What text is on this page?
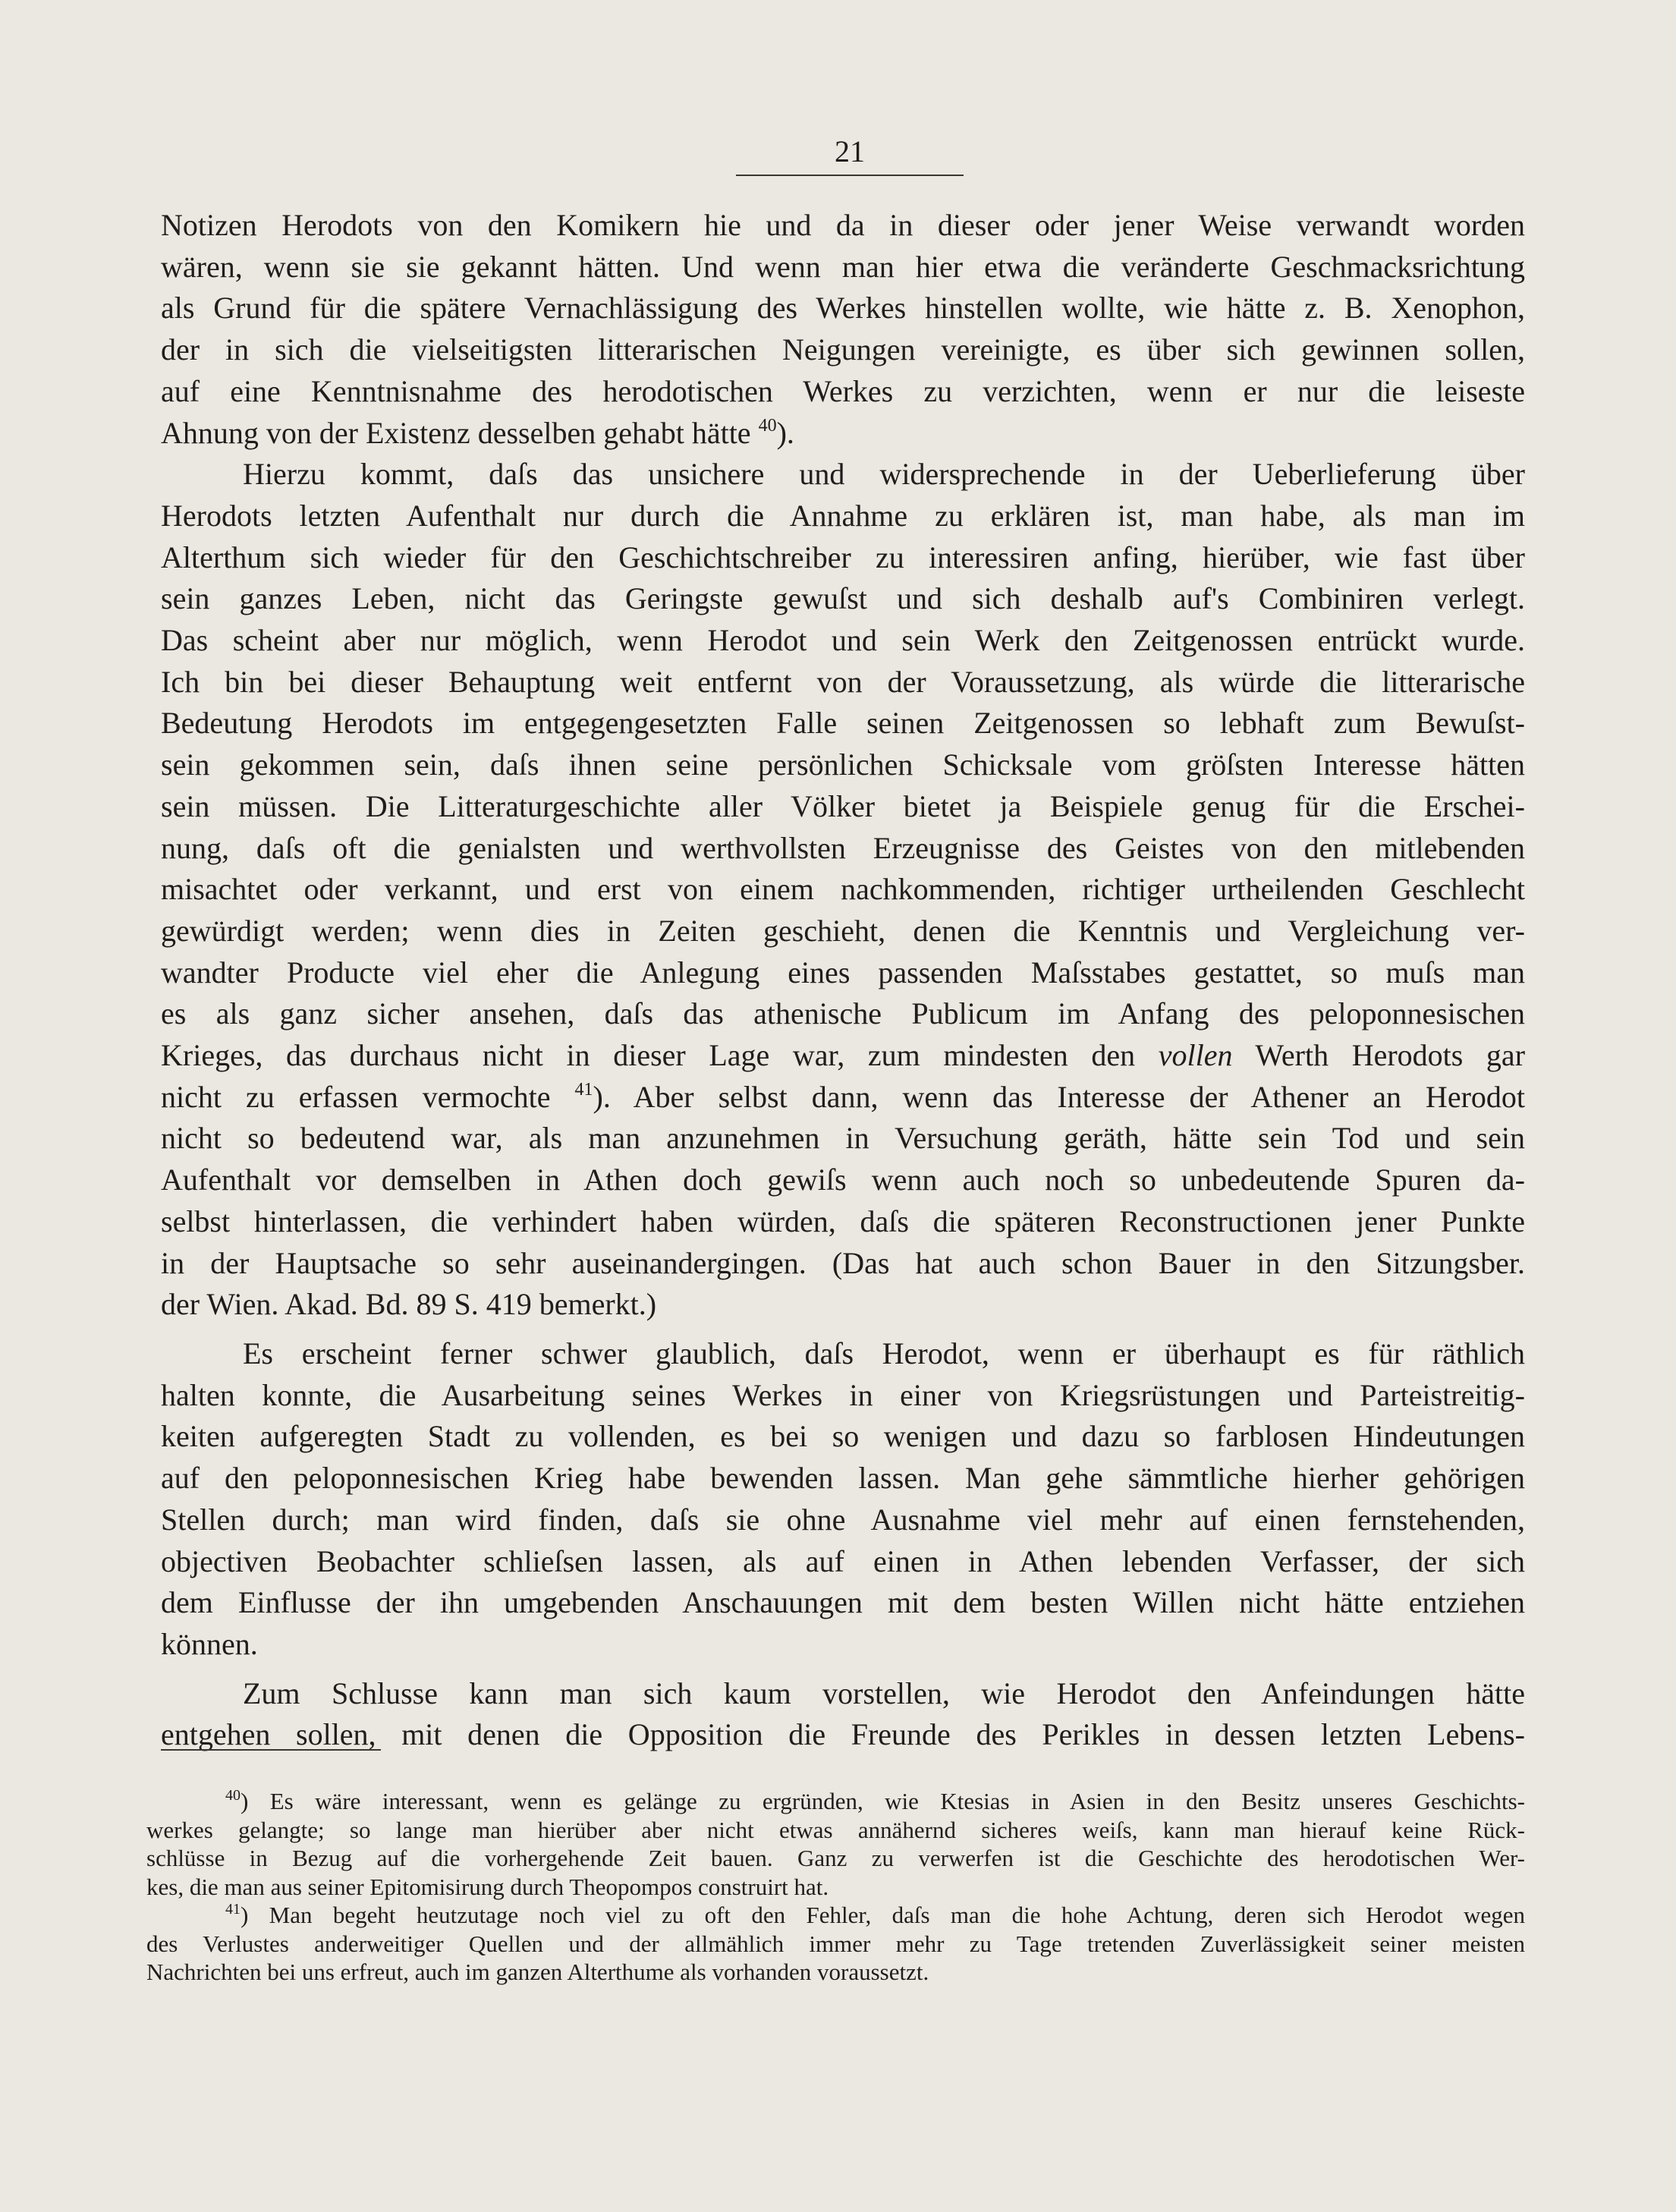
21
Notizen Herodots von den Komikern hie und da in dieser oder jener Weise verwandt worden
wären, wenn sie sie gekannt hätten. Und wenn man hier etwa die veränderte Geschmacksrichtung
als Grund für die spätere Vernachlässigung des Werkes hinstellen wollte, wie hätte z. B. Xenophon,
der in sich die vielseitigsten litterarischen Neigungen vereinigte, es über sich gewinnen sollen,
auf eine Kenntnisnahme des herodotischen Werkes zu verzichten, wenn er nur die leiseste
Ahnung von der Existenz desselben gehabt hätte $^{40}$).
Hierzu kommt, daſs das unsichere und widersprechende in der Ueberlieferung über
Herodots letzten Aufenthalt nur durch die Annahme zu erklären ist, man habe, als man im
Alterthum sich wieder für den Geschichtschreiber zu interessiren anfing, hierüber, wie fast über
sein ganzes Leben, nicht das Geringste gewuſst und sich deshalb auf's Combiniren verlegt.
Das scheint aber nur möglich, wenn Herodot und sein Werk den Zeitgenossen entrückt wurde.
Ich bin bei dieser Behauptung weit entfernt von der Voraussetzung, als würde die litterarische
Bedeutung Herodots im entgegengesetzten Falle seinen Zeitgenossen so lebhaft zum Bewuſst-
sein gekommen sein, daſs ihnen seine persönlichen Schicksale vom gröſsten Interesse hätten
sein müssen. Die Litteraturgeschichte aller Völker bietet ja Beispiele genug für die Erschei-
nung, daſs oft die genialsten und werthvollsten Erzeugnisse des Geistes von den mitlebenden
misachtet oder verkannt, und erst von einem nachkommenden, richtiger urtheilenden Geschlecht
gewürdigt werden; wenn dies in Zeiten geschieht, denen die Kenntnis und Vergleichung ver-
wandter Producte viel eher die Anlegung eines passenden Maſsstabes gestattet, so muſs man
es als ganz sicher ansehen, daſs das athenische Publicum im Anfang des peloponnesischen
Krieges, das durchaus nicht in dieser Lage war, zum mindesten den vollen Werth Herodots gar
nicht zu erfassen vermochte $^{41}$). Aber selbst dann, wenn das Interesse der Athener an Herodot
nicht so bedeutend war, als man anzunehmen in Versuchung geräth, hätte sein Tod und sein
Aufenthalt vor demselben in Athen doch gewiſs wenn auch noch so unbedeutende Spuren da-
selbst hinterlassen, die verhindert haben würden, daſs die späteren Reconstructionen jener Punkte
in der Hauptsache so sehr auseinandergingen. (Das hat auch schon Bauer in den Sitzungsber.
der Wien. Akad. Bd. 89 S. 419 bemerkt.)
Es erscheint ferner schwer glaublich, daſs Herodot, wenn er überhaupt es für räthlich
halten konnte, die Ausarbeitung seines Werkes in einer von Kriegsrüstungen und Parteistreitig-
keiten aufgeregten Stadt zu vollenden, es bei so wenigen und dazu so farblosen Hindeutungen
auf den peloponnesischen Krieg habe bewenden lassen. Man gehe sämmtliche hierher gehörigen
Stellen durch; man wird finden, daſs sie ohne Ausnahme viel mehr auf einen fernstehenden,
objectiven Beobachter schlieſsen lassen, als auf einen in Athen lebenden Verfasser, der sich
dem Einflusse der ihn umgebenden Anschauungen mit dem besten Willen nicht hätte entziehen
können.
Zum Schlusse kann man sich kaum vorstellen, wie Herodot den Anfeindungen hätte
entgehen sollen, mit denen die Opposition die Freunde des Perikles in dessen letzten Lebens-
$^{40}$) Es wäre interessant, wenn es gelänge zu ergründen, wie Ktesias in Asien in den Besitz unseres Geschichts-
werkes gelangte; so lange man hierüber aber nicht etwas annähernd sicheres weiſs, kann man hierauf keine Rück-
schlüsse in Bezug auf die vorhergehende Zeit bauen. Ganz zu verwerfen ist die Geschichte des herodotischen Wer-
kes, die man aus seiner Epitomisirung durch Theopompos construirt hat.
$^{41}$) Man begeht heutzutage noch viel zu oft den Fehler, daſs man die hohe Achtung, deren sich Herodot wegen
des Verlustes anderweitiger Quellen und der allmählich immer mehr zu Tage tretenden Zuverlässigkeit seiner meisten
Nachrichten bei uns erfreut, auch im ganzen Alterthume als vorhanden voraussetzt.
